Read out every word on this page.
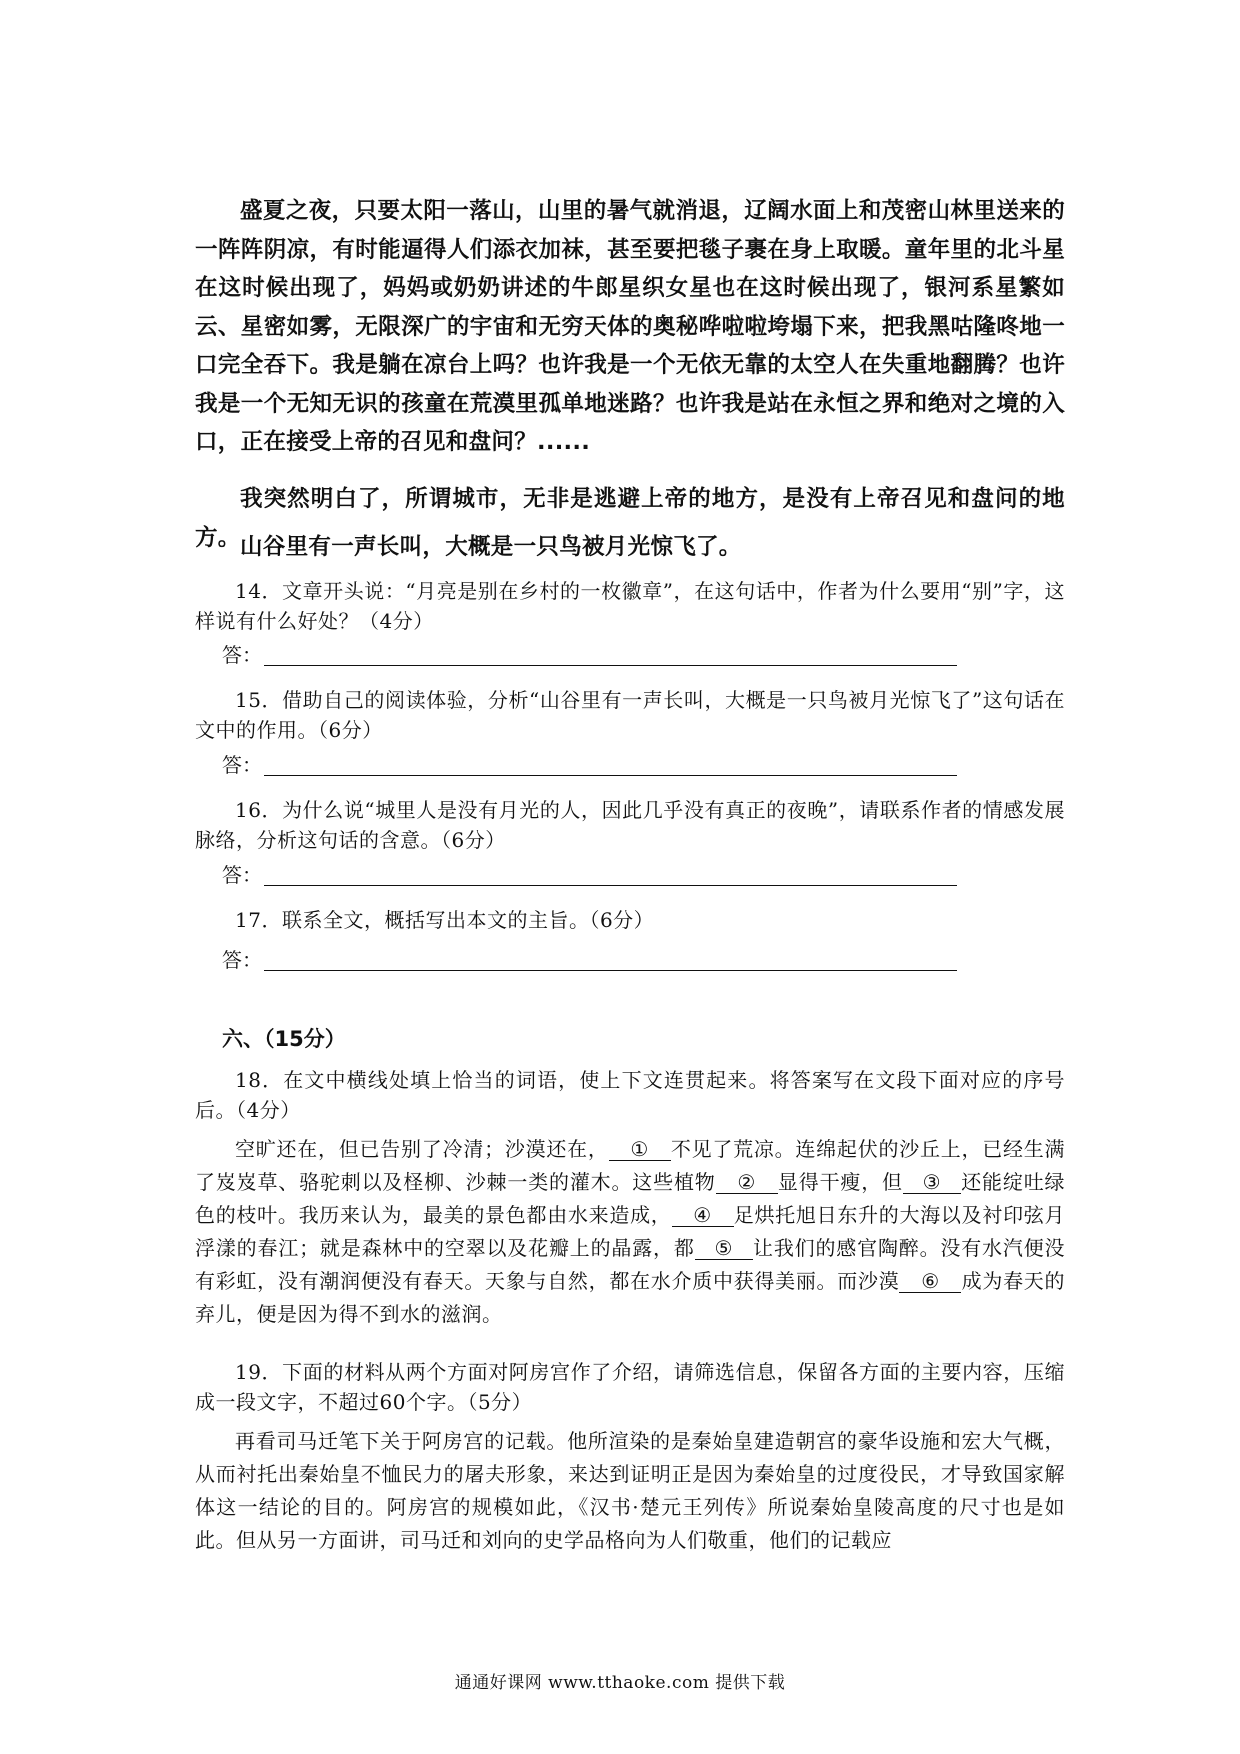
盛夏之夜，只要太阳一落山，山里的暑气就消退，辽阔水面上和茂密山林里送来的一阵阵阴凉，有时能逼得人们添衣加袜，甚至要把毯子裹在身上取暖。童年里的北斗星在这时候出现了，妈妈或奶奶讲述的牛郎星织女星也在这时候出现了，银河系星繁如云、星密如雾，无限深广的宇宙和无穷天体的奥秘哗啦啦垮塌下来，把我黑咕隆咚地一口完全吞下。我是躺在凉台上吗？也许我是一个无依无靠的太空人在失重地翻腾？也许我是一个无知无识的孩童在荒漠里孤单地迷路？也许我是站在永恒之界和绝对之境的入口，正在接受上帝的召见和盘问？......

我突然明白了，所谓城市，无非是逃避上帝的地方，是没有上帝召见和盘问的地方。 山谷里有一声长叫，大概是一只鸟被月光惊飞了。

14．文章开头说：“月亮是别在乡村的一枚徽章”，在这句话中，作者为什么要用“别”字，这样说有什么好处？（4分）

答：

15．借助自己的阅读体验，分析“山谷里有一声长叫，大概是一只鸟被月光惊飞了”这句话在文中的作用。（6分）

答：

16．为什么说“城里人是没有月光的人，因此几乎没有真正的夜晚”，请联系作者的情感发展脉络，分析这句话的含意。（6分）

答：

17．联系全文，概括写出本文的主旨。（6分）

答：
六、（15分）

18．在文中横线处填上恰当的词语，使上下文连贯起来。将答案写在文段下面对应的序号后。（4分）

空旷还在，但已告别了冷清；沙漠还在， ① 不见了荒凉。连绵起伏的沙丘上，已经生满了岌岌草、骆驼刺以及柽柳、沙棘一类的灌木。这些植物 ② 显得干瘦，但 ③ 还能绽吐绿色的枝叶。我历来认为，最美的景色都由水来造成， ④ 足烘托旭日东升的大海以及衬印弦月浮漾的春江；就是森林中的空翠以及花瓣上的晶露，都 ⑤ 让我们的感官陶醉。没有水汽便没有彩虹，没有潮润便没有春天。天象与自然，都在水介质中获得美丽。而沙漠 ⑥ 成为春天的弃儿，便是因为得不到水的滋润。

19．下面的材料从两个方面对阿房宫作了介绍，请筛选信息，保留各方面的主要内容，压缩成一段文字，不超过60个字。（5分）

再看司马迁笔下关于阿房宫的记载。他所渲染的是秦始皇建造朝宫的豪华设施和宏大气概，从而衬托出秦始皇不恤民力的屠夫形象，来达到证明正是因为秦始皇的过度役民，才导致国家解体这一结论的目的。阿房宫的规模如此，《汉书·楚元王列传》所说秦始皇陵高度的尺寸也是如此。但从另一方面讲，司马迁和刘向的史学品格向为人们敬重，他们的记载应

通通好课网 www.tthaoke.com 提供下载
